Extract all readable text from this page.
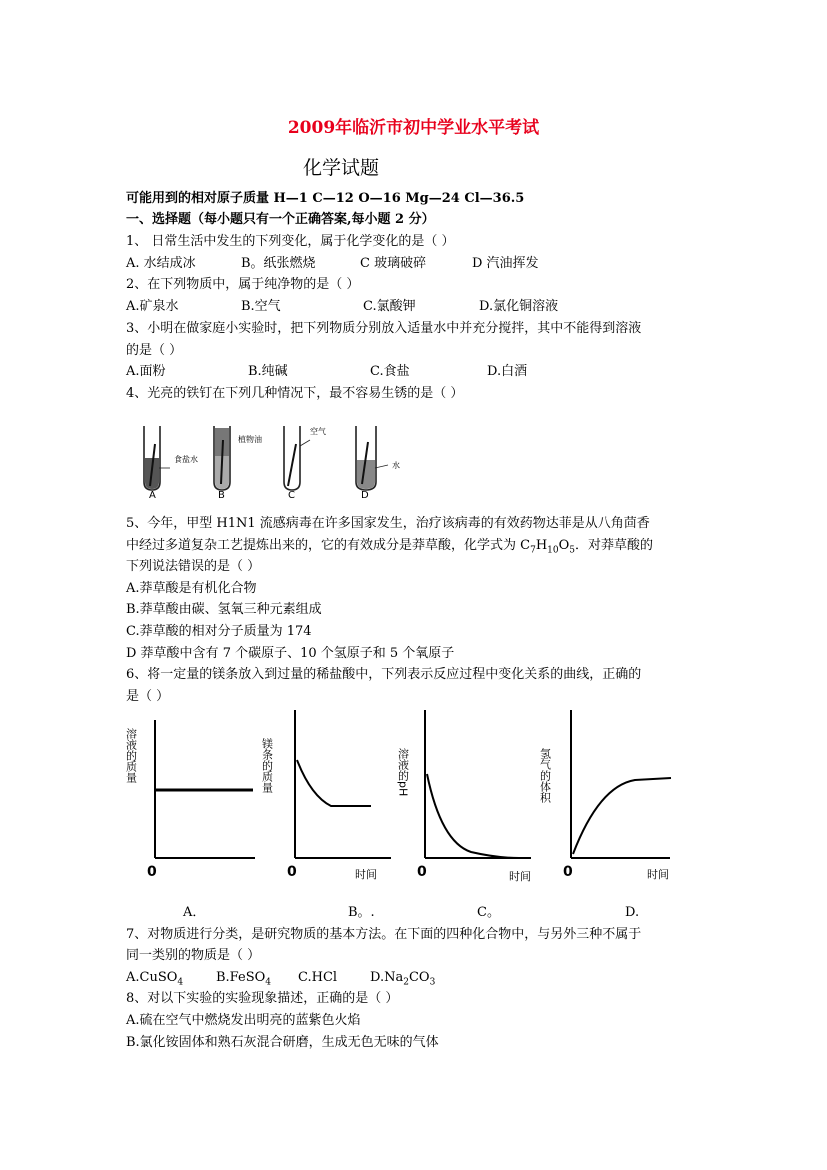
2009年临沂市初中学业水平考试
化学试题
可能用到的相对原子质量 H—1 C—12 O—16 Mg—24 Cl—36.5
一、选择题（每小题只有一个正确答案,每小题 2 分）
1、 日常生活中发生的下列变化，属于化学变化的是（ ）
A. 水结成冰	B。纸张燃烧	C 玻璃破碎	D 汽油挥发
2、在下列物质中，属于纯净物的是（ ）
A.矿泉水	B.空气	C.氯酸钾	D.氯化铜溶液
3、小明在做家庭小实验时，把下列物质分别放入适量水中并充分搅拌，其中不能得到溶液
的是（ ）
A.面粉	B.纯碱	C.食盐	D.白酒
4、光亮的铁钉在下列几种情况下，最不容易生锈的是（ ）
食盐水
A
植物油
B
空气
C
水
D
5、今年，甲型 H1N1 流感病毒在许多国家发生，治疗该病毒的有效药物达菲是从八角茴香
中经过多道复杂工艺提炼出来的，它的有效成分是莽草酸，化学式为 $C_7H_{10}O_5$．对莽草酸的
下列说法错误的是（ ）
A.莽草酸是有机化合物
B.莽草酸由碳、氢氧三种元素组成
C.莽草酸的相对分子质量为 174
D 莽草酸中含有 7 个碳原子、10 个氢原子和 5 个氧原子
6、将一定量的镁条放入到过量的稀盐酸中，下列表示反应过程中变化关系的曲线，正确的
是（ ）
溶液的质量
0
镁条的质量
0	时间
溶液的pH
0	时间
氢气的体积
0	时间
A．	B。.	C。	D.
7、对物质进行分类，是研究物质的基本方法。在下面的四种化合物中，与另外三种不属于
同一类别的物质是（ ）
A.CuSO$_4$	B.FeSO$_4$ C.HCl	$D.Na_2CO_3$
8、对以下实验的实验现象描述，正确的是（ ）
A.硫在空气中燃烧发出明亮的蓝紫色火焰
B.氯化铵固体和熟石灰混合研磨，生成无色无味的气体
